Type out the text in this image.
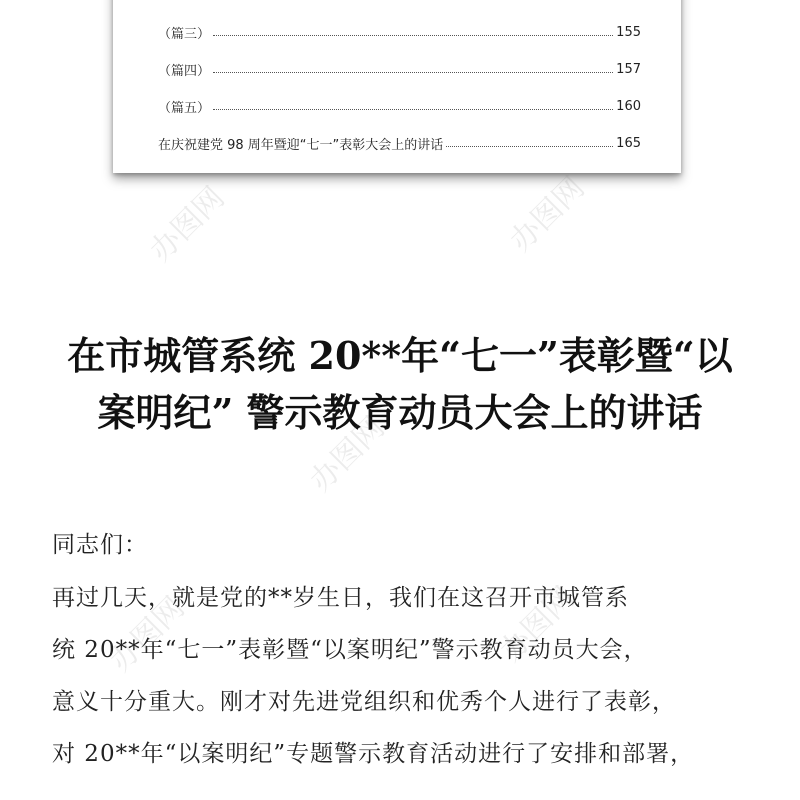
（篇三）	155
（篇四）	157
（篇五）	160
在庆祝建党 98 周年暨迎“七一”表彰大会上的讲话	165
在市城管系统 20**年“七一”表彰暨“以
案明纪” 警示教育动员大会上的讲话
同志们：
再过几天，就是党的**岁生日，我们在这召开市城管系
统 20**年“七一”表彰暨“以案明纪”警示教育动员大会，
意义十分重大。刚才对先进党组织和优秀个人进行了表彰，
对 20**年“以案明纪”专题警示教育活动进行了安排和部署，
办图网	办图网
办图网
办图网
办图网
